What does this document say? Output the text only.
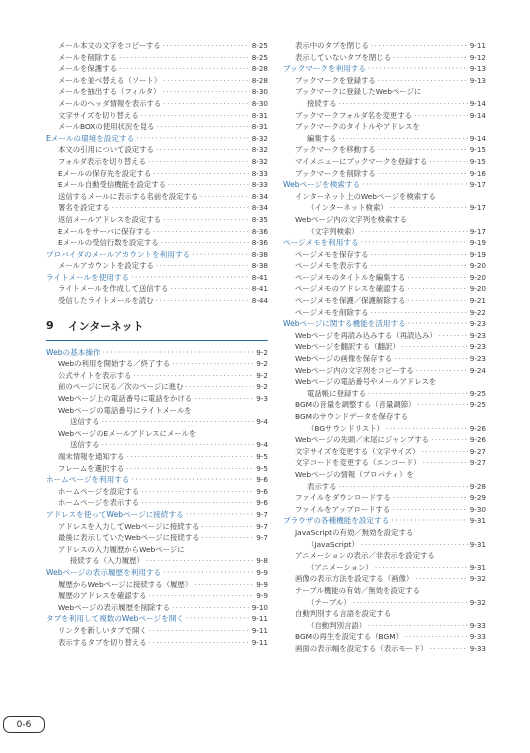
メール本文の文字をコピーする ·····	8-25
メールを削除する ·····	8-25
メールを保護する ·····	8-28
メールを並べ替える（ソート） ·····	8-28
メールを抽出する（フィルタ） ·····	8-30
メールのヘッダ情報を表示する ·····	8-30
文字サイズを切り替える ·····	8-31
メールBOXの使用状況を見る ·····	8-31
Eメールの環境を設定する ·····	8-32
本文の引用について設定する ·····	8-32
フォルダ表示を切り替える ·····	8-32
Eメールの保存先を設定する ·····	8-33
Eメール自動受信機能を設定する ·····	8-33
送信するメールに表示する名前を設定する ·····	8-34
署名を設定する ·····	8-34
返信メールアドレスを設定する ·····	8-35
Eメールをサーバに保存する ·····	8-36
Eメールの受信行数を設定する ·····	8-36
プロバイダのメールアカウントを利用する ·····	8-38
メールアカウントを設定する ·····	8-38
ライトメールを使用する ·····	8-41
ライトメールを作成して送信する ·····	8-41
受信したライトメールを読む ·····	8-44
9 インターネット
Webの基本操作 ·····	9-2
Webの利用を開始する／終了する ·····	9-2
公式サイトを表示する ·····	9-2
前のページに戻る／次のページに進む ·····	9-2
Webページ上の電話番号に電話をかける ·····	9-3
Webページの電話番号にライトメールを
送信する ·····	9-4
WebページのEメールアドレスにメールを
送信する ·····	9-4
端末情報を通知する ·····	9-5
フレームを選択する ·····	9-5
ホームページを利用する ·····	9-6
ホームページを設定する ·····	9-6
ホームページを表示する ·····	9-6
アドレスを使ってWebページに接続する ·····	9-7
アドレスを入力してWebページに接続する ·····	9-7
最後に表示していたWebページに接続する ·····	9-7
アドレスの入力履歴からWebページに
接続する（入力履歴） ·····	9-8
Webページの表示履歴を利用する ·····	9-9
履歴からWebページに接続する（履歴） ·····	9-9
履歴のアドレスを確認する ·····	9-9
Webページの表示履歴を削除する ·····	9-10
タブを利用して複数のWebページを開く ·····	9-11
リンクを新しいタブで開く ·····	9-11
表示するタブを切り替える ·····	9-11
表示中のタブを閉じる ·····	9-11
表示していないタブを閉じる ·····	9-12
ブックマークを利用する ·····	9-13
ブックマークを登録する ·····	9-13
ブックマークに登録したWebページに
接続する ·····	9-14
ブックマークフォルダ名を変更する ·····	9-14
ブックマークのタイトルやアドレスを
編集する ·····	9-14
ブックマークを移動する ·····	9-15
マイメニューにブックマークを登録する ·····	9-15
ブックマークを削除する ·····	9-16
Webページを検索する ·····	9-17
インターネット上のWebページを検索する
（インターネット検索） ·····	9-17
Webページ内の文字列を検索する
（文字列検索） ·····	9-17
ページメモを利用する ·····	9-19
ページメモを保存する ·····	9-19
ページメモを表示する ·····	9-20
ページメモのタイトルを編集する ·····	9-20
ページメモのアドレスを確認する ·····	9-20
ページメモを保護／保護解除する ·····	9-21
ページメモを削除する ·····	9-22
Webページに関する機能を活用する ·····	9-23
Webページを再読み込みする（再読込み） ·····	9-23
Webページを翻訳する（翻訳） ·····	9-23
Webページの画像を保存する ·····	9-23
Webページ内の文字列をコピーする ·····	9-24
Webページの電話番号やメールアドレスを
電話帳に登録する ·····	9-25
BGMの音量を調整する（音量調節） ·····	9-25
BGMのサウンドデータを保存する
（BGサウンドリスト） ·····	9-26
Webページの先頭／末尾にジャンプする ·····	9-26
文字サイズを変更する（文字サイズ） ·····	9-27
文字コードを変更する（エンコード） ·····	9-27
Webページの情報（プロパティ）を
表示する ·····	9-28
ファイルをダウンロードする ·····	9-29
ファイルをアップロードする ·····	9-30
ブラウザの各種機能を設定する ·····	9-31
JavaScriptの有効／無効を設定する
（JavaScript） ·····	9-31
アニメーションの表示／非表示を設定する
（アニメーション） ·····	9-31
画像の表示方法を設定する（画像） ·····	9-32
テーブル機能の有効／無効を設定する
（テーブル） ·····	9-32
自動判別する言語を設定する
（自動判別言語） ·····	9-33
BGMの再生を設定する（BGM） ·····	9-33
画面の表示幅を設定する（表示モード） ·····	9-33
0-6
